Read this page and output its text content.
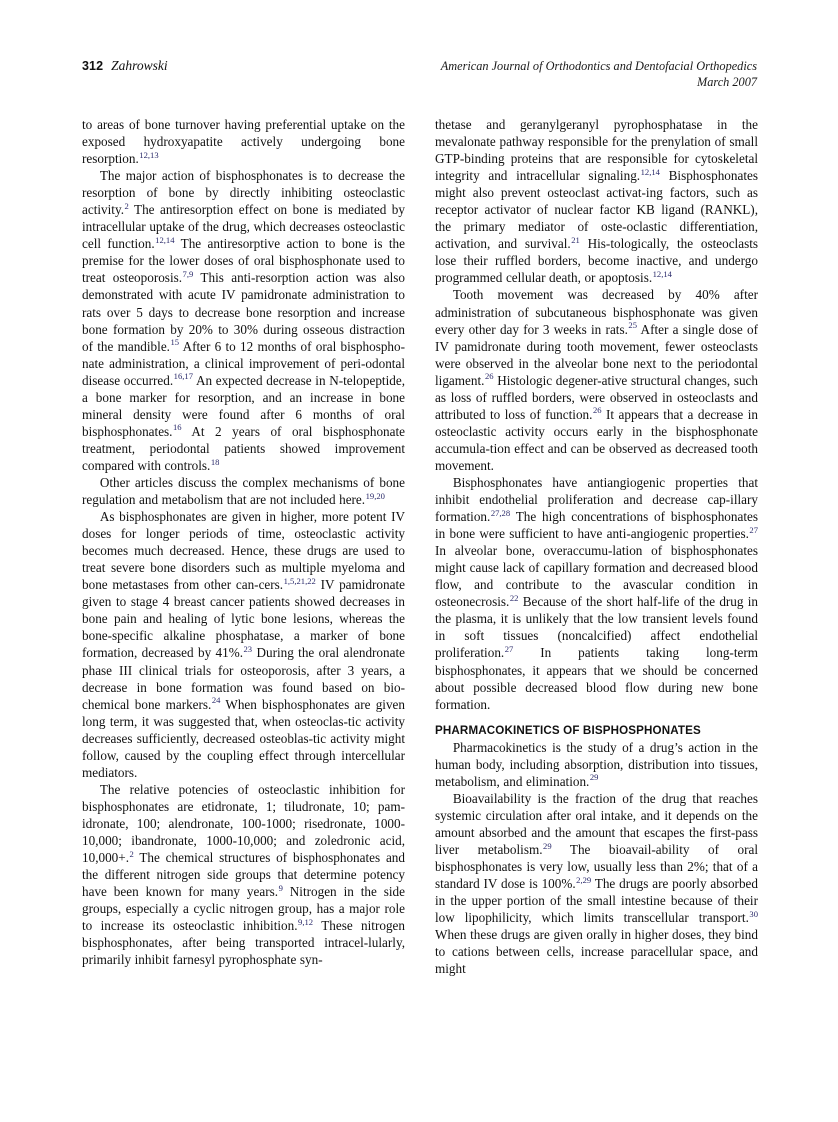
312 Zahrowski	American Journal of Orthodontics and Dentofacial Orthopedics
March 2007

to areas of bone turnover having preferential uptake on the exposed hydroxyapatite actively undergoing bone resorption.$^{12,13}$

The major action of bisphosphonates is to decrease the resorption of bone by directly inhibiting osteoclastic activity.$^2$ The antiresorption effect on bone is mediated by intracellular uptake of the drug, which decreases osteoclastic cell function.$^{12,14}$ The antiresorptive action to bone is the premise for the lower doses of oral bisphosphonate used to treat osteoporosis.$^{7,9}$ This anti-resorption action was also demonstrated with acute IV pamidronate administration to rats over 5 days to decrease bone resorption and increase bone formation by 20% to 30% during osseous distraction of the mandible.$^{15}$ After 6 to 12 months of oral bisphospho-nate administration, a clinical improvement of peri-odontal disease occurred.$^{16,17}$ An expected decrease in N-telopeptide, a bone marker for resorption, and an increase in bone mineral density were found after 6 months of oral bisphosphonates.$^{16}$ At 2 years of oral bisphosphonate treatment, periodontal patients showed improvement compared with controls.$^{18}$

Other articles discuss the complex mechanisms of bone regulation and metabolism that are not included here.$^{19,20}$

As bisphosphonates are given in higher, more potent IV doses for longer periods of time, osteoclastic activity becomes much decreased. Hence, these drugs are used to treat severe bone disorders such as multiple myeloma and bone metastases from other can-cers.$^{1,5,21,22}$ IV pamidronate given to stage 4 breast cancer patients showed decreases in bone pain and healing of lytic bone lesions, whereas the bone-specific alkaline phosphatase, a marker of bone formation, decreased by 41%.$^{23}$ During the oral alendronate phase III clinical trials for osteoporosis, after 3 years, a decrease in bone formation was found based on bio-chemical bone markers.$^{24}$ When bisphosphonates are given long term, it was suggested that, when osteoclas-tic activity decreases sufficiently, decreased osteoblas-tic activity might follow, caused by the coupling effect through intercellular mediators.

The relative potencies of osteoclastic inhibition for bisphosphonates are etidronate, 1; tiludronate, 10; pam-idronate, 100; alendronate, 100-1000; risedronate, 1000-10,000; ibandronate, 1000-10,000; and zoledronic acid, 10,000+.$^2$ The chemical structures of bisphosphonates and the different nitrogen side groups that determine potency have been known for many years.$^9$ Nitrogen in the side groups, especially a cyclic nitrogen group, has a major role to increase its osteoclastic inhibition.$^{9,12}$ These nitrogen bisphosphonates, after being transported intracel-lularly, primarily inhibit farnesyl pyrophosphate syn-

thetase and geranylgeranyl pyrophosphatase in the mevalonate pathway responsible for the prenylation of small GTP-binding proteins that are responsible for cytoskeletal integrity and intracellular signaling.$^{12,14}$ Bisphosphonates might also prevent osteoclast activat-ing factors, such as receptor activator of nuclear factor KB ligand (RANKL), the primary mediator of oste-oclastic differentiation, activation, and survival.$^{21}$ His-tologically, the osteoclasts lose their ruffled borders, become inactive, and undergo programmed cellular death, or apoptosis.$^{12,14}$

Tooth movement was decreased by 40% after administration of subcutaneous bisphosphonate was given every other day for 3 weeks in rats.$^{25}$ After a single dose of IV pamidronate during tooth movement, fewer osteoclasts were observed in the alveolar bone next to the periodontal ligament.$^{26}$ Histologic degener-ative structural changes, such as loss of ruffled borders, were observed in osteoclasts and attributed to loss of function.$^{26}$ It appears that a decrease in osteoclastic activity occurs early in the bisphosphonate accumula-tion effect and can be observed as decreased tooth movement.

Bisphosphonates have antiangiogenic properties that inhibit endothelial proliferation and decrease cap-illary formation.$^{27,28}$ The high concentrations of bisphosphonates in bone were sufficient to have anti-angiogenic properties.$^{27}$ In alveolar bone, overaccumu-lation of bisphosphonates might cause lack of capillary formation and decreased blood flow, and contribute to the avascular condition in osteonecrosis.$^{22}$ Because of the short half-life of the drug in the plasma, it is unlikely that the low transient levels found in soft tissues (noncalcified) affect endothelial proliferation.$^{27}$ In patients taking long-term bisphosphonates, it appears that we should be concerned about possible decreased blood flow during new bone formation.

PHARMACOKINETICS OF BISPHOSPHONATES

Pharmacokinetics is the study of a drug’s action in the human body, including absorption, distribution into tissues, metabolism, and elimination.$^{29}$

Bioavailability is the fraction of the drug that reaches systemic circulation after oral intake, and it depends on the amount absorbed and the amount that escapes the first-pass liver metabolism.$^{29}$ The bioavail-ability of oral bisphosphonates is very low, usually less than 2%; that of a standard IV dose is 100%.$^{2,29}$ The drugs are poorly absorbed in the upper portion of the small intestine because of their low lipophilicity, which limits transcellular transport.$^{30}$ When these drugs are given orally in higher doses, they bind to cations between cells, increase paracellular space, and might
